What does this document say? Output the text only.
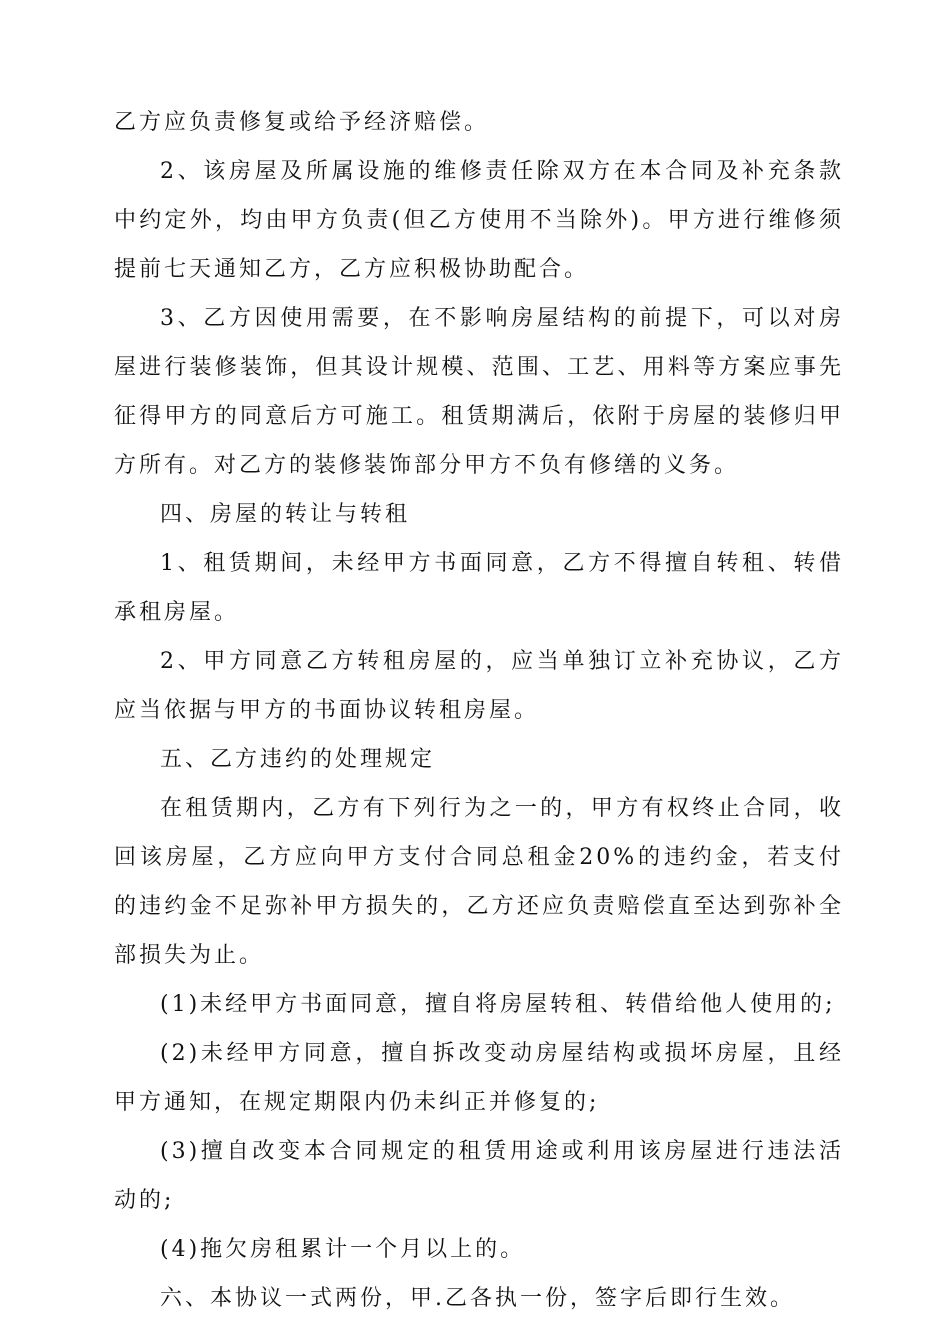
乙方应负责修复或给予经济赔偿。

2、该房屋及所属设施的维修责任除双方在本合同及补充条款中约定外，均由甲方负责(但乙方使用不当除外)。甲方进行维修须提前七天通知乙方，乙方应积极协助配合。

3、乙方因使用需要，在不影响房屋结构的前提下，可以对房屋进行装修装饰，但其设计规模、范围、工艺、用料等方案应事先征得甲方的同意后方可施工。租赁期满后，依附于房屋的装修归甲方所有。对乙方的装修装饰部分甲方不负有修缮的义务。

四、房屋的转让与转租

1、租赁期间，未经甲方书面同意，乙方不得擅自转租、转借承租房屋。

2、甲方同意乙方转租房屋的，应当单独订立补充协议，乙方应当依据与甲方的书面协议转租房屋。

五、乙方违约的处理规定

在租赁期内，乙方有下列行为之一的，甲方有权终止合同，收回该房屋，乙方应向甲方支付合同总租金20%的违约金，若支付的违约金不足弥补甲方损失的，乙方还应负责赔偿直至达到弥补全部损失为止。

(1)未经甲方书面同意，擅自将房屋转租、转借给他人使用的;

(2)未经甲方同意，擅自拆改变动房屋结构或损坏房屋，且经甲方通知，在规定期限内仍未纠正并修复的;

(3)擅自改变本合同规定的租赁用途或利用该房屋进行违法活动的;

(4)拖欠房租累计一个月以上的。

六、本协议一式两份，甲.乙各执一份，签字后即行生效。
